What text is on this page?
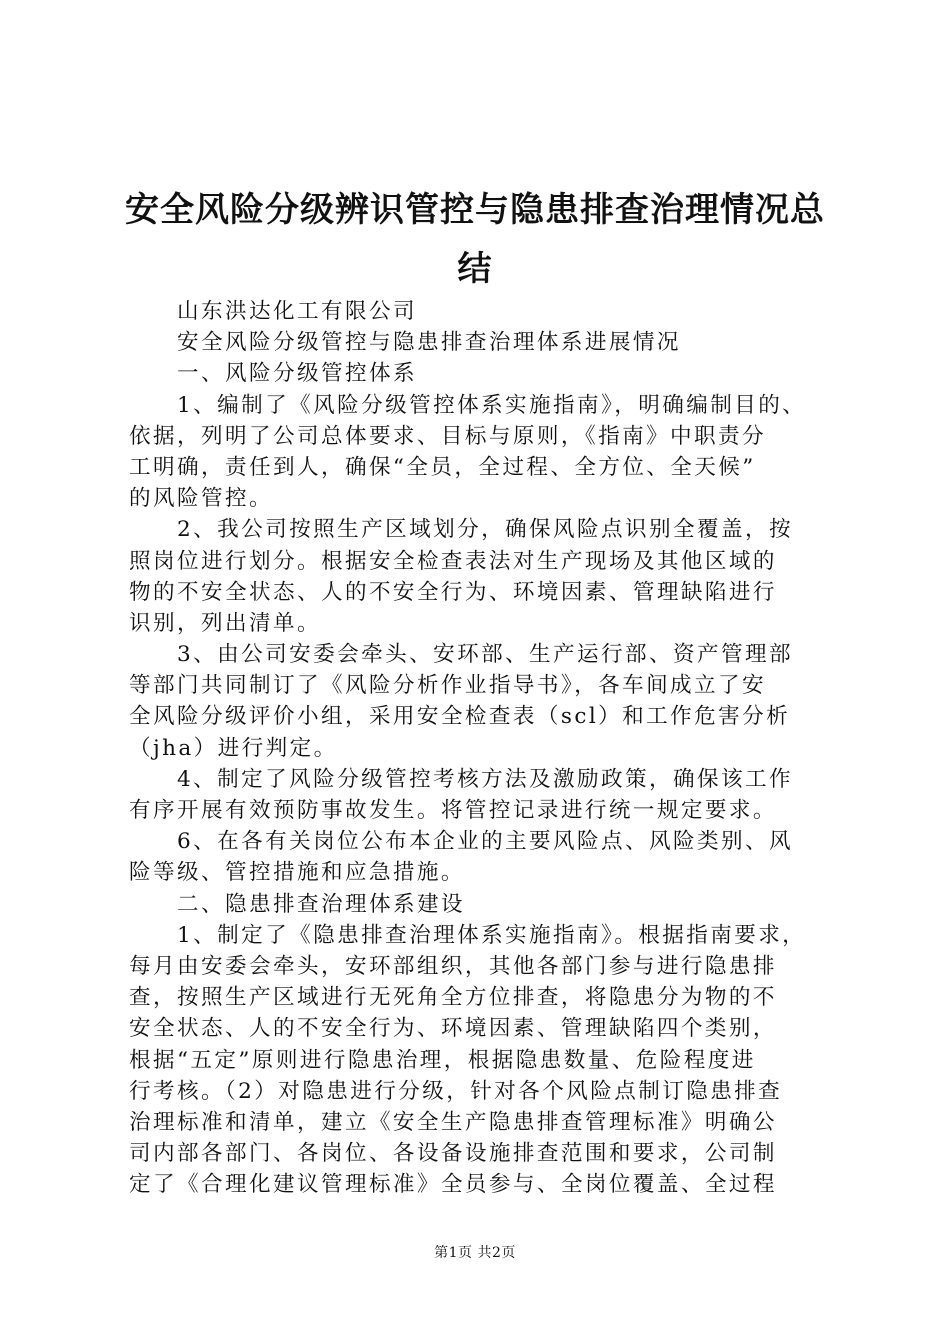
安全风险分级辨识管控与隐患排查治理情况总
结
山东洪达化工有限公司
安全风险分级管控与隐患排查治理体系进展情况
一、风险分级管控体系
1、编制了《风险分级管控体系实施指南》，明确编制目的、
依据，列明了公司总体要求、目标与原则，《指南》中职责分
工明确，责任到人，确保“全员，全过程、全方位、全天候”
的风险管控。
2、我公司按照生产区域划分，确保风险点识别全覆盖，按
照岗位进行划分。根据安全检查表法对生产现场及其他区域的
物的不安全状态、人的不安全行为、环境因素、管理缺陷进行
识别，列出清单。
3、由公司安委会牵头、安环部、生产运行部、资产管理部
等部门共同制订了《风险分析作业指导书》，各车间成立了安
全风险分级评价小组，采用安全检查表（scl）和工作危害分析
（jha）进行判定。
4、制定了风险分级管控考核方法及激励政策，确保该工作
有序开展有效预防事故发生。将管控记录进行统一规定要求。
6、在各有关岗位公布本企业的主要风险点、风险类别、风
险等级、管控措施和应急措施。
二、隐患排查治理体系建设
1、制定了《隐患排查治理体系实施指南》。根据指南要求，
每月由安委会牵头，安环部组织，其他各部门参与进行隐患排
查，按照生产区域进行无死角全方位排查，将隐患分为物的不
安全状态、人的不安全行为、环境因素、管理缺陷四个类别，
根据“五定”原则进行隐患治理，根据隐患数量、危险程度进
行考核。（2）对隐患进行分级，针对各个风险点制订隐患排查
治理标准和清单，建立《安全生产隐患排查管理标准》明确公
司内部各部门、各岗位、各设备设施排查范围和要求，公司制
定了《合理化建议管理标准》全员参与、全岗位覆盖、全过程
第1页 共2页
